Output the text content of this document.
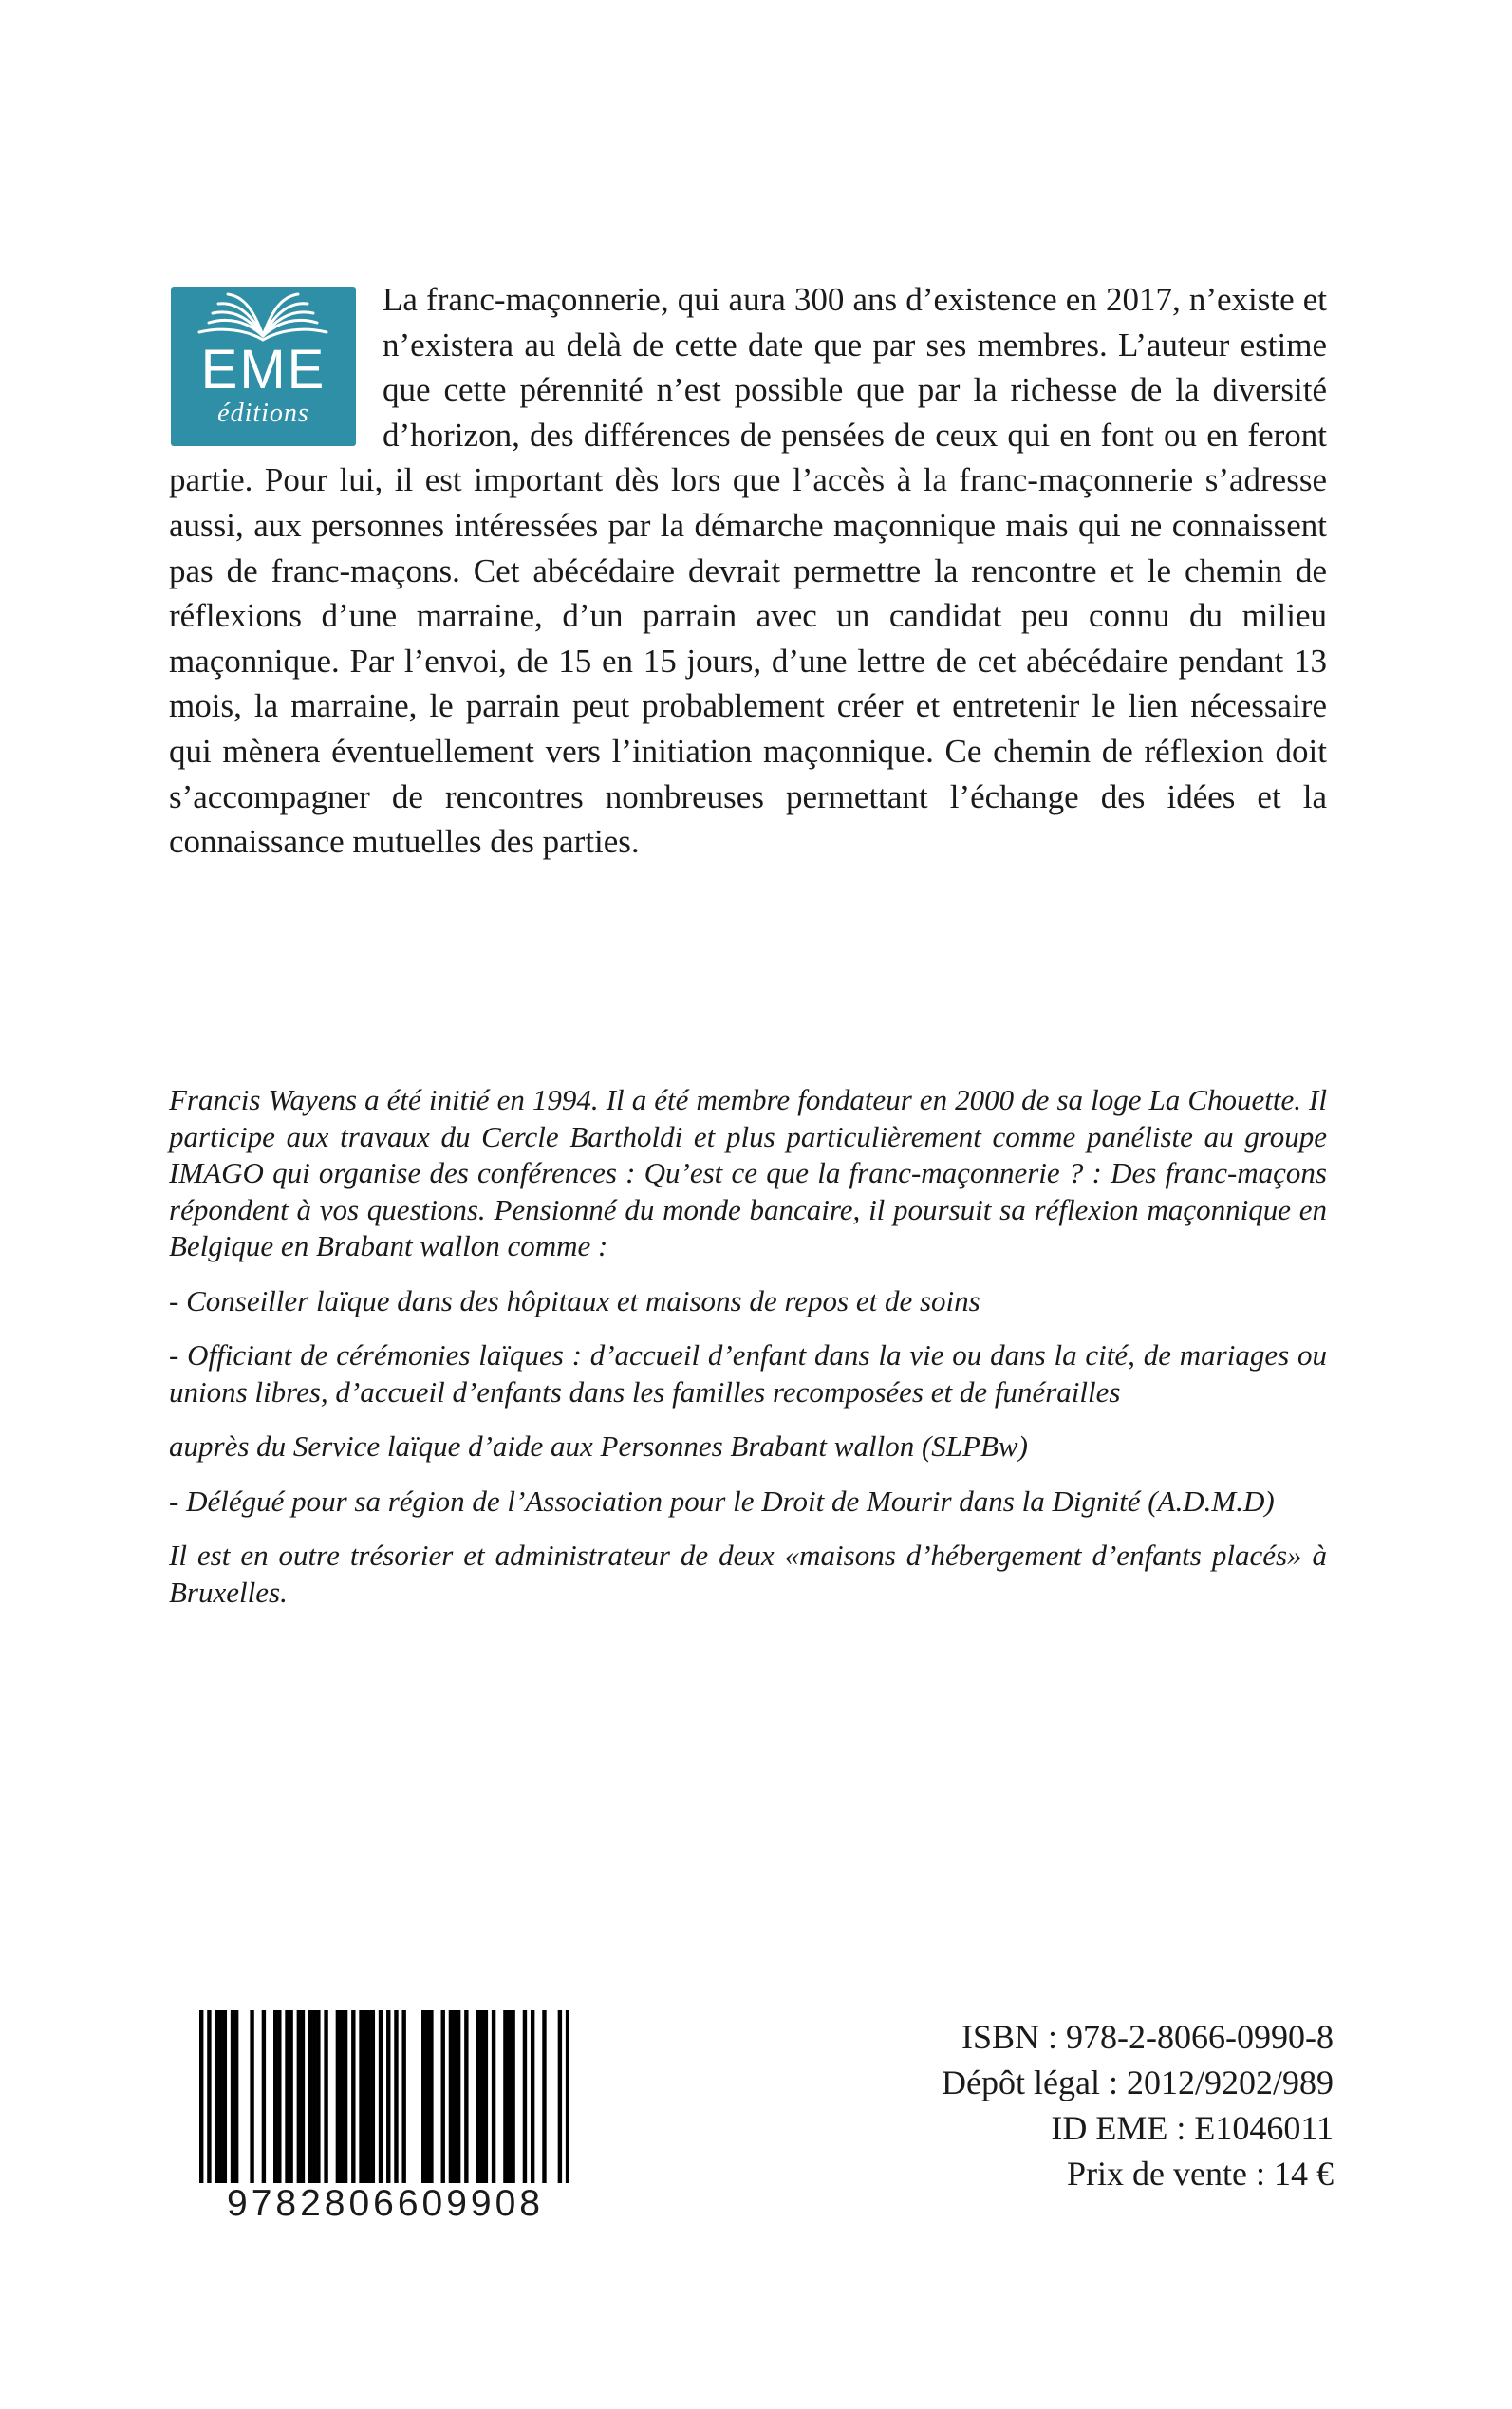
EME
éditions

La franc-maçonnerie, qui aura 300 ans d’existence en 2017, n’existe et n’existera au delà de cette date que par ses membres. L’auteur estime que cette pérennité n’est possible que par la richesse de la diversité d’horizon, des différences de pensées de ceux qui en font ou en feront partie. Pour lui, il est important dès lors que l’accès à la franc-maçonnerie s’adresse aussi, aux personnes intéressées par la démarche maçonnique mais qui ne connaissent pas de franc-maçons. Cet abécédaire devrait permettre la rencontre et le chemin de réflexions d’une marraine, d’un parrain avec un candidat peu connu du milieu maçonnique. Par l’envoi, de 15 en 15 jours, d’une lettre de cet abécédaire pendant 13 mois, la marraine, le parrain peut probablement créer et entretenir le lien nécessaire qui mènera éventuellement vers l’initiation maçonnique. Ce chemin de réflexion doit s’accompagner de rencontres nombreuses permettant l’échange des idées et la connaissance mutuelles des parties.

Francis Wayens a été initié en 1994. Il a été membre fondateur en 2000 de sa loge La Chouette. Il participe aux travaux du Cercle Bartholdi et plus particulièrement comme panéliste au groupe IMAGO qui organise des conférences : Qu’est ce que la franc-maçonnerie ? : Des franc-maçons répondent à vos questions. Pensionné du monde bancaire, il poursuit sa réflexion maçonnique en Belgique en Brabant wallon comme :

- Conseiller laïque dans des hôpitaux et maisons de repos et de soins

- Officiant de cérémonies laïques : d’accueil d’enfant dans la vie ou dans la cité, de mariages ou unions libres, d’accueil d’enfants dans les familles recomposées et de funérailles

auprès du Service laïque d’aide aux Personnes Brabant wallon (SLPBw)

- Délégué pour sa région de l’Association pour le Droit de Mourir dans la Dignité (A.D.M.D)

Il est en outre trésorier et administrateur de deux «maisons d’hébergement d’enfants placés» à Bruxelles.

9782806609908
ISBN : 978-2-8066-0990-8
Dépôt légal : 2012/9202/989
ID EME : E1046011
Prix de vente : 14 €
